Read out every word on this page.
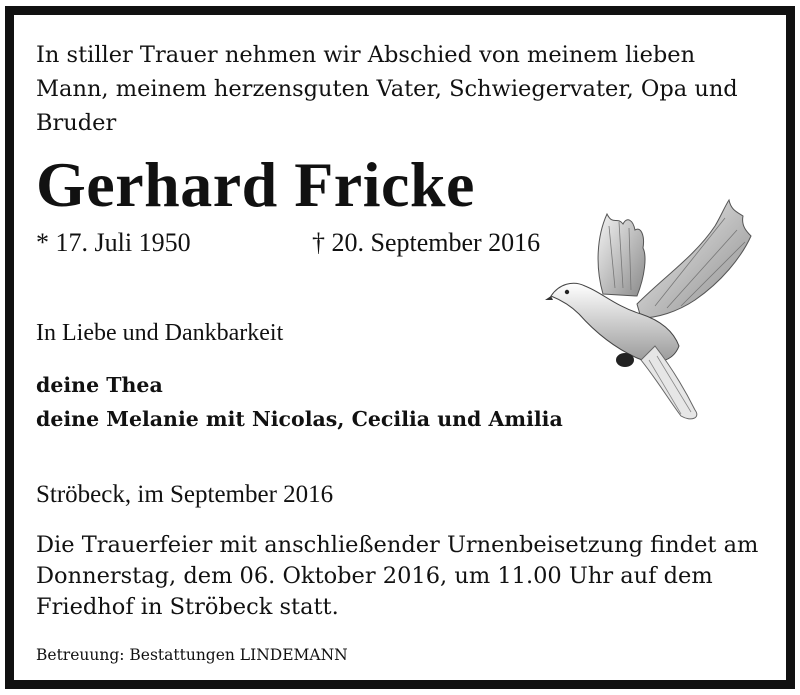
In stiller Trauer nehmen wir Abschied von meinem lieben
Mann, meinem herzensguten Vater, Schwiegervater, Opa und
Bruder
Gerhard Fricke
* 17. Juli 1950	† 20. September 2016
In Liebe und Dankbarkeit
deine Thea
deine Melanie mit Nicolas, Cecilia und Amilia
Ströbeck, im September 2016
Die Trauerfeier mit anschließender Urnenbeisetzung findet am
Donnerstag, dem 06. Oktober 2016, um 11.00 Uhr auf dem
Friedhof in Ströbeck statt.
Betreuung: Bestattungen LINDEMANN
